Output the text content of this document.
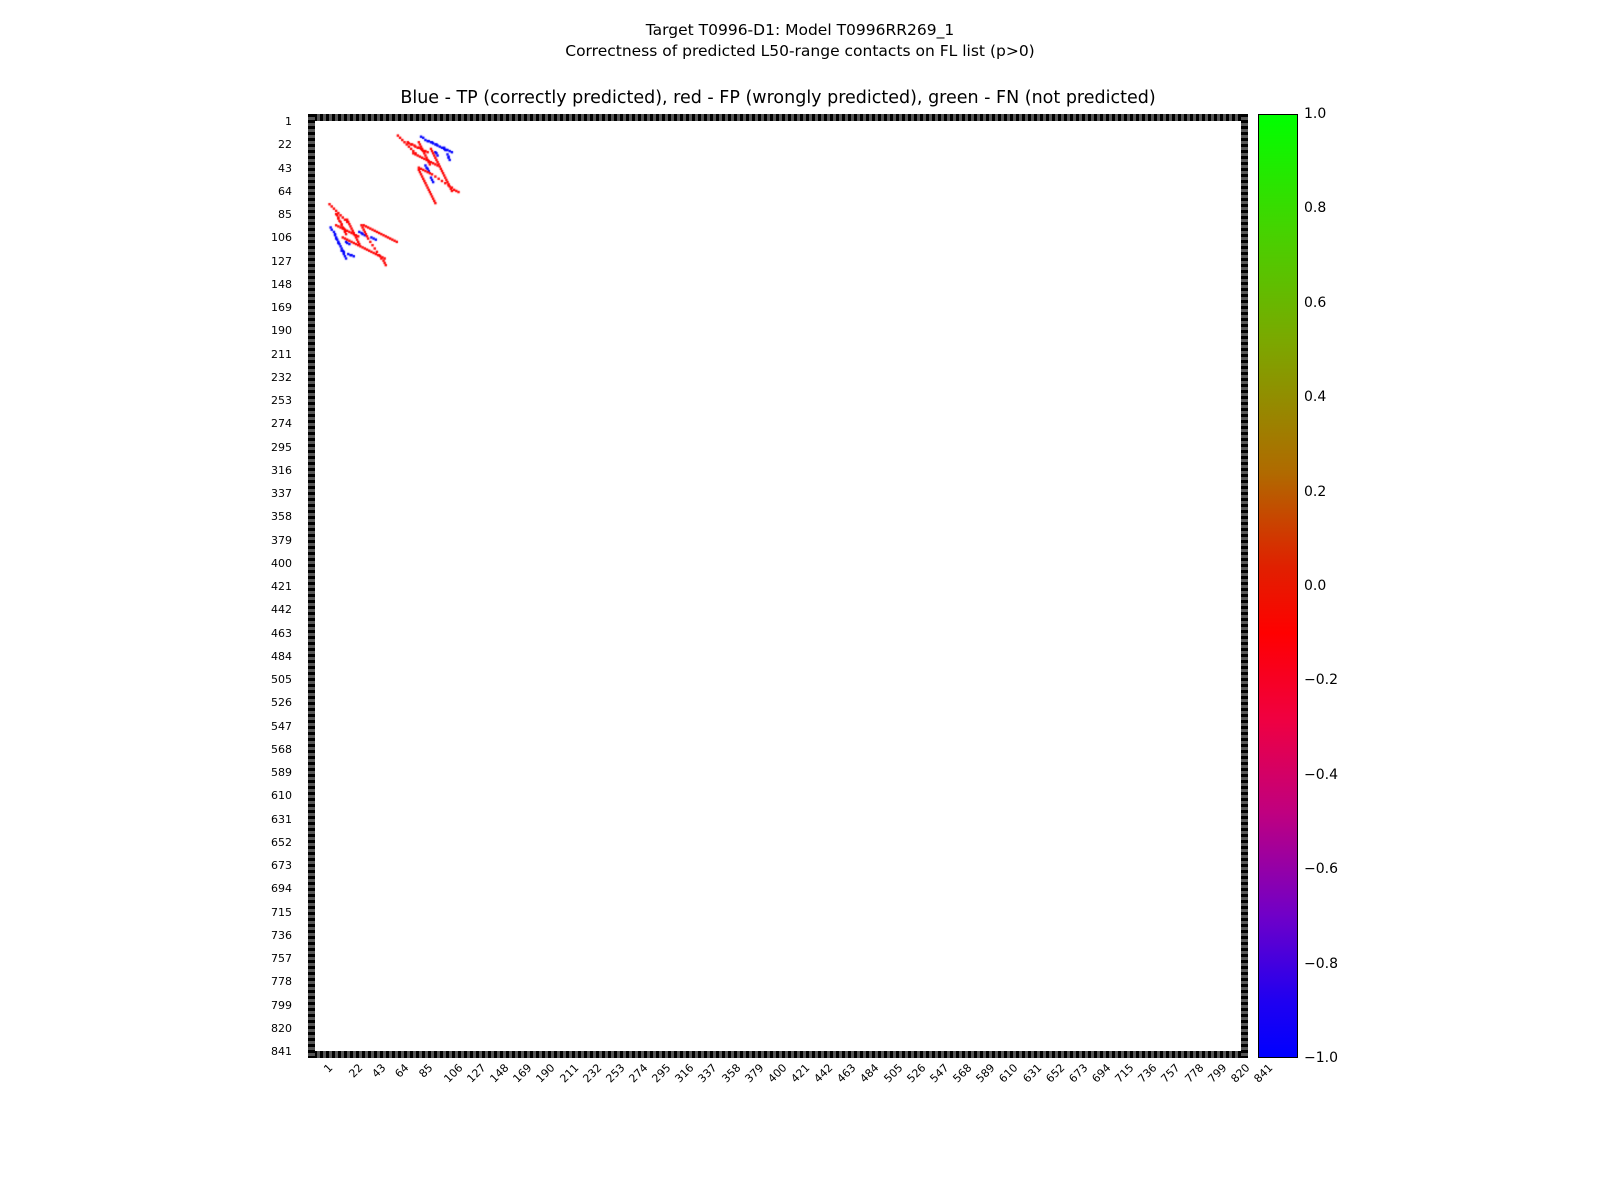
Target T0996-D1: Model T0996RR269_1
Correctness of predicted L50-range contacts on FL list (p>0)
Blue - TP (correctly predicted), red - FP (wrongly predicted), green - FN (not predicted)
1
22
43
64
85
106
127
148
169
190
211
232
253
274
295
316
337
358
379
400
421
442
463
484
505
526
547
568
589
610
631
652
673
694
715
736
757
778
799
820
841
1 22 43 64 85 106 127 148 169 190 211 232 253 274 295 316 337 358 379 400 421 442 463 484 505 526 547 568 589 610 631 652 673 694 715 736 757 778 799 820 841
1.0
0.8
0.6
0.4
0.2
0.0
−0.2
−0.4
−0.6
−0.8
−1.0
